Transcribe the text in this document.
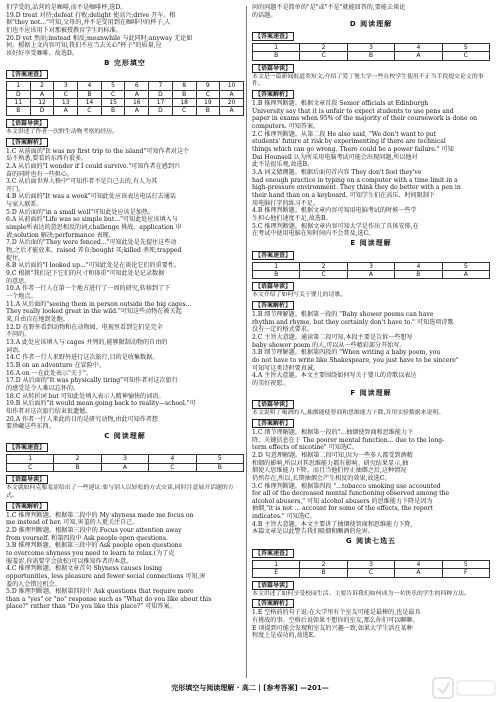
们学受的,品营的是咖啡,而不是咖啡杯,选D。
19.D treat 对待;defeat 打败;delight 使高兴;drive 开车。根
据"they not..."可知,父母的,并不是受用到在咖啡中的杯子,人
们也不应该用下对那被授教育学生的标准。
20.D yet 然而;instead 相反;meanwhile 与此同时;anyway 无论如
何。根据上文内容可知,我们不应当去关心"杯子"的质量,应
该好好享受咖啡。故选D。
B 完形填空
【答案速查】
1	2	3	4	5	6	7	8	9	10
D	A	C	B	C	A	D	B	C	A
11	12	13	14	15	16	17	18	19	20
B	D	A	C	B	A	D	C	B	A
【语篇导读】
本文讲述了作者一次野生动物考察的经历。
【答案解析】
1.C 从前面的"It was my first trip to the island"可知作者对这个
岛不熟悉,要看的东西有很多。
2.A 从后面的"I wonder if I could survive."可知作者在感到兴
奋的同时也有一些担心。
3.C 从后面世界人格中"可知作者不是自己去的,有人为其
开门。
4.B 从后面的"It was a week"可知此处应该表达电话打去通话
与家人联系。
5.D 从后面的"in a small well"可知此处应该是加热。
6.A 从前面的"Life was so simple but..."可知此处应该填入与
simple所表达的意思相反的词,challenge 挑战。application 申
请;solution 解决;performance 表现。
7.D 从后面的"They were fenced..."可知此处是先提住这些动
物,之后才能放来。raised 养育;bought 买;killed 杀死;trapped
捉住。
8.B 从后面的"I looked up..."可知此处是在谈论它们的重要性。
9.C 根据"我们记下它们的尺寸和体重"可知此处是记录数据
的意思。
10.A 作者一行人在第一个地方进行了一周的研究,转移到了下
一个地点。
11.A 从后面的"seeing them in person outside the big cages...
They really looked great in the wild."可知这些动物在被关起
来,自由自在地到处跑。
12.D 在野外看到动物和在动物园、电视里看到它们是完全
不同的。
13.A 此处应该填入与 cages 并列的,能够限制动物的自由的
词语。
14.C 作者一行人来野外进行这次旅行,目的是收集数据。
15.B on an adventure 在冒险中。
16.A on 一在此处表示"关于"。
17.D 从后面的"It was physically tiring"可知作者对这次旅行
的感受是令人难以忘怀的。
18.C 从转折词 but 可知此处填入表示人精神愉快的词语。
19.B 从后面的"it would mean going back to reality—school."可
知作者对这次旅行结束很遗憾。
20.A 作者一行人来此的目的是研究动物,由此可知作者想
要珍藏这些东西。
C 阅读理解
【答案速查】
1	2	3	4	5
C	B	A	C	B
【语篇导读】
本文就如何克服羞涩给出了一些建议:要与别人以轻松的方式交谈,同时注意展开话题的方式。
【答案解析】
1.C 推理判断题。根据第二段中的 My shyness made me focus on
me instead of her. 可知,害羞的人更关注自己。
2.D 推理判断题。根据第三段中的 Focus your attention away
from yourself. 和第四段中 Ask people open questions.
3.B 推理判断题。根据第三段中的 Ask people open questions
to overcome shyness you need to learn to relax.(为了克
服羞涩,你需要学会放松)可以推知作者的本意。
4.C 推理判断题。根据文章首句 Shyness causes losing
opportunities, less pleasure and fewer social connections 可知,害
羞的人会错过机会。
5.D 推理判断题。根据第四段中 Ask questions that require more
than a "yes" or "no" response such as "What do you like about this
place?" rather than "Do you like this place?" 可知答案。
问的问题不是简单的"是"或"不是"就能回答的,要能去谈论
的话题。
D 阅读理解
【答案速查】
1	2	3	4	5
B	C	B	A	C
【语篇导读】
本文是一篇新闻报道类短文,介绍了爱丁堡大学一些在校学生使用不正当手段提交论文的事件。
【答案解析】
1.B 推理判断题。根据文章首段 Senior officials at Edinburgh
University say that it is unfair to expect students to use pens and
paper in exams when 95% of the majority of their coursework is done on
computers. 可知答案。
2.C 推理判断题。从第二段 He also said, "We don't want to put
students' future at risk by experimenting if there are technical
things which can go wrong. There could be a power failure." 可知
Dai Hounsell 认为所采用电脑考试可能会出现问题,所以他对
此不是很乐观,故选B。
3.A 词义猜测题。根据后面句首内容 They don't feel they've
had enough practice in typing on a computer with a time limit in a
high-pressure environment. They think they do better with a pen in
their hand than on a keyboard. 可知学生们在高压、时间限制下
用电脑打字的练习不足。
4.B 推理判断题。根据文章内容可知用电脑考试的时候一些学
生担心他们速度不足,故选B。
5.C 推理判断题。根据文章内容可知大学是作出了具体安排,在
在考试中使用电脑在短时间内不会普及,选C。
E 阅读理解
【答案速查】
1	2	3	4	5
B	C	A	B	A
【语篇导读】
本文介绍了如何写关于婴儿的诗歌。
【答案解析】
1.B 细节理解题。根据第一段的 "Baby shower poems can have
rhythm and rhyme, but they certainly don't have to." 可知选项诗歌
没有一定的格式要求。
2.C 主旨大意题。通读第二段可知,本段主要是告诉一些想写
baby shower poem 的人,可以从一些精彩部分开始写。
3.B 细节理解题。根据第四段的 "When writing a baby poem, you
do not have to write like Shakespeare, you just have to be sincere"
可知写这类诗时要真诚。
4.A 主旨大意题。本文主要围绕如何写关于婴儿的诗歌以表达
的美好祝愿。
F 阅读理解
【语篇导读】
本文说明了喝酒的人,抽烟能使智商和思维能力下降,并用实验数据来说明。
【答案解析】
1.C 细节理解题。根据第一段的"...抽烟使智商和思维能力下
降。关键信息在于 The poorer mental function... due to the long-
term effects of nicotine" 可知选C。
2.D 句意理解题。根据第二段可知,因为一些多人都受到酒精
和烟的影响,所以对其思维能力都有影响。研究结果显示,抽
烟使人思维能力下降。而且当他们停止抽烟之后,这种情况
仍然存在,所以,长期抽烟会产生相反的效果,故选C。
3.C 推理判断题。根据第四段 "...tobacco smoking use accounted
for all of the decreased mental functioning observed among the
alcohol abusers," 可知 alcohol abusers 的思维能力下降是因为
抽烟,"it is not ... account for some of the effects, the report
indicates." 可知选C。
4.B 主旨大意题。本文主要讲了抽烟使智商和思维能力下降,
本篇文章是以此警告我们吸烟和酗酒的危害。
G 阅读七选五
【答案速查】
1	2	3	4	5
E	B	C	A	F
【语篇导读】
本文讲述了如何享受校园生活。主要告诉我们如何成为一名快乐的学生的四种方法。
【答案解析】
1.E 空格前的句子说:在大学里有个室友可能是最棒的,也是最具
有挑战的事。空格后说如果不想你的室友,那么你们可以聊聊。
E 项提到可能会发现和室友的兴趣一致,如果大学生活在某种
程度上是成功的,故选E。
完形填空与阅读理解 · 高二 | [参考答案] —201—
